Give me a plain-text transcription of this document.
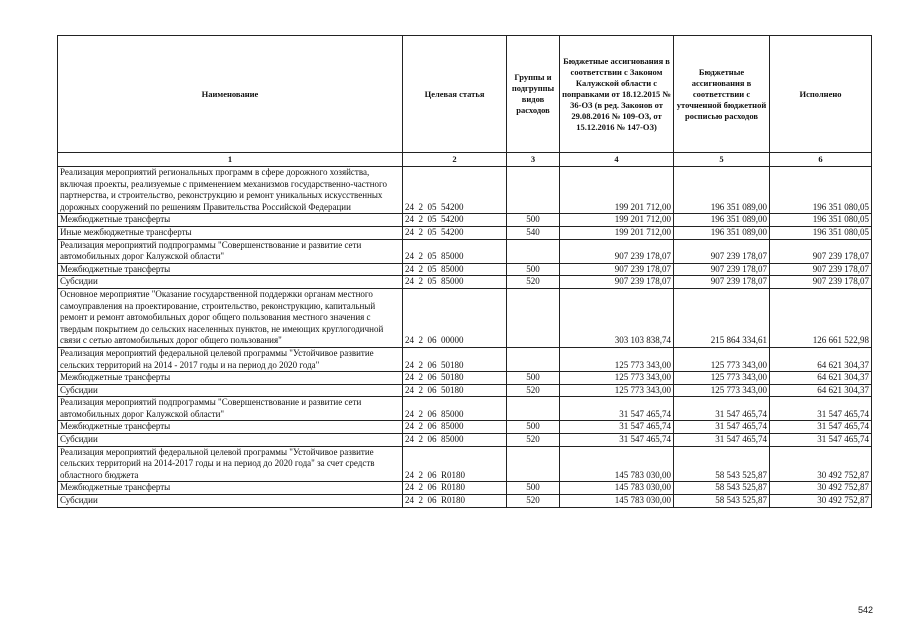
Наименование	Целевая статья	Группы и подгруппы видов расходов	Бюджетные ассигнования в соответствии с Законом Калужской области с поправками от 18.12.2015 № 36-ОЗ (в ред. Законов от 29.08.2016 № 109-ОЗ, от 15.12.2016 № 147-ОЗ)	Бюджетные ассигнования в соответствии с уточненной бюджетной росписью расходов	Исполнено
1	2	3	4	5	6
Реализация мероприятий региональных программ в сфере дорожного хозяйства, включая проекты, реализуемые с применением механизмов государственно-частного партнерства, и строительство, реконструкцию и ремонт уникальных искусственных дорожных сооружений по решениям Правительства Российской Федерации	24  2  05  54200		199 201 712,00	196 351 089,00	196 351 080,05
Межбюджетные трансферты	24  2  05  54200	500	199 201 712,00	196 351 089,00	196 351 080,05
Иные межбюджетные трансферты	24  2  05  54200	540	199 201 712,00	196 351 089,00	196 351 080,05
Реализация мероприятий подпрограммы "Совершенствование и развитие сети автомобильных дорог Калужской области"	24  2  05  85000		907 239 178,07	907 239 178,07	907 239 178,07
Межбюджетные трансферты	24  2  05  85000	500	907 239 178,07	907 239 178,07	907 239 178,07
Субсидии	24  2  05  85000	520	907 239 178,07	907 239 178,07	907 239 178,07
Основное мероприятие "Оказание государственной поддержки органам местного самоуправления на проектирование, строительство, реконструкцию, капитальный ремонт и ремонт автомобильных дорог общего пользования местного значения с твердым покрытием до сельских населенных пунктов, не имеющих круглогодичной связи с сетью автомобильных дорог общего пользования"	24  2  06  00000		303 103 838,74	215 864 334,61	126 661 522,98
Реализация мероприятий федеральной целевой программы "Устойчивое развитие сельских территорий на 2014 - 2017 годы и на период до 2020 года"	24  2  06  50180		125 773 343,00	125 773 343,00	64 621 304,37
Межбюджетные трансферты	24  2  06  50180	500	125 773 343,00	125 773 343,00	64 621 304,37
Субсидии	24  2  06  50180	520	125 773 343,00	125 773 343,00	64 621 304,37
Реализация мероприятий подпрограммы "Совершенствование и развитие сети автомобильных дорог Калужской области"	24  2  06  85000		31 547 465,74	31 547 465,74	31 547 465,74
Межбюджетные трансферты	24  2  06  85000	500	31 547 465,74	31 547 465,74	31 547 465,74
Субсидии	24  2  06  85000	520	31 547 465,74	31 547 465,74	31 547 465,74
Реализация мероприятий федеральной целевой программы "Устойчивое развитие сельских территорий на 2014-2017 годы и на период до 2020 года" за счет средств областного бюджета	24  2  06  R0180		145 783 030,00	58 543 525,87	30 492 752,87
Межбюджетные трансферты	24  2  06  R0180	500	145 783 030,00	58 543 525,87	30 492 752,87
Субсидии	24  2  06  R0180	520	145 783 030,00	58 543 525,87	30 492 752,87
542
